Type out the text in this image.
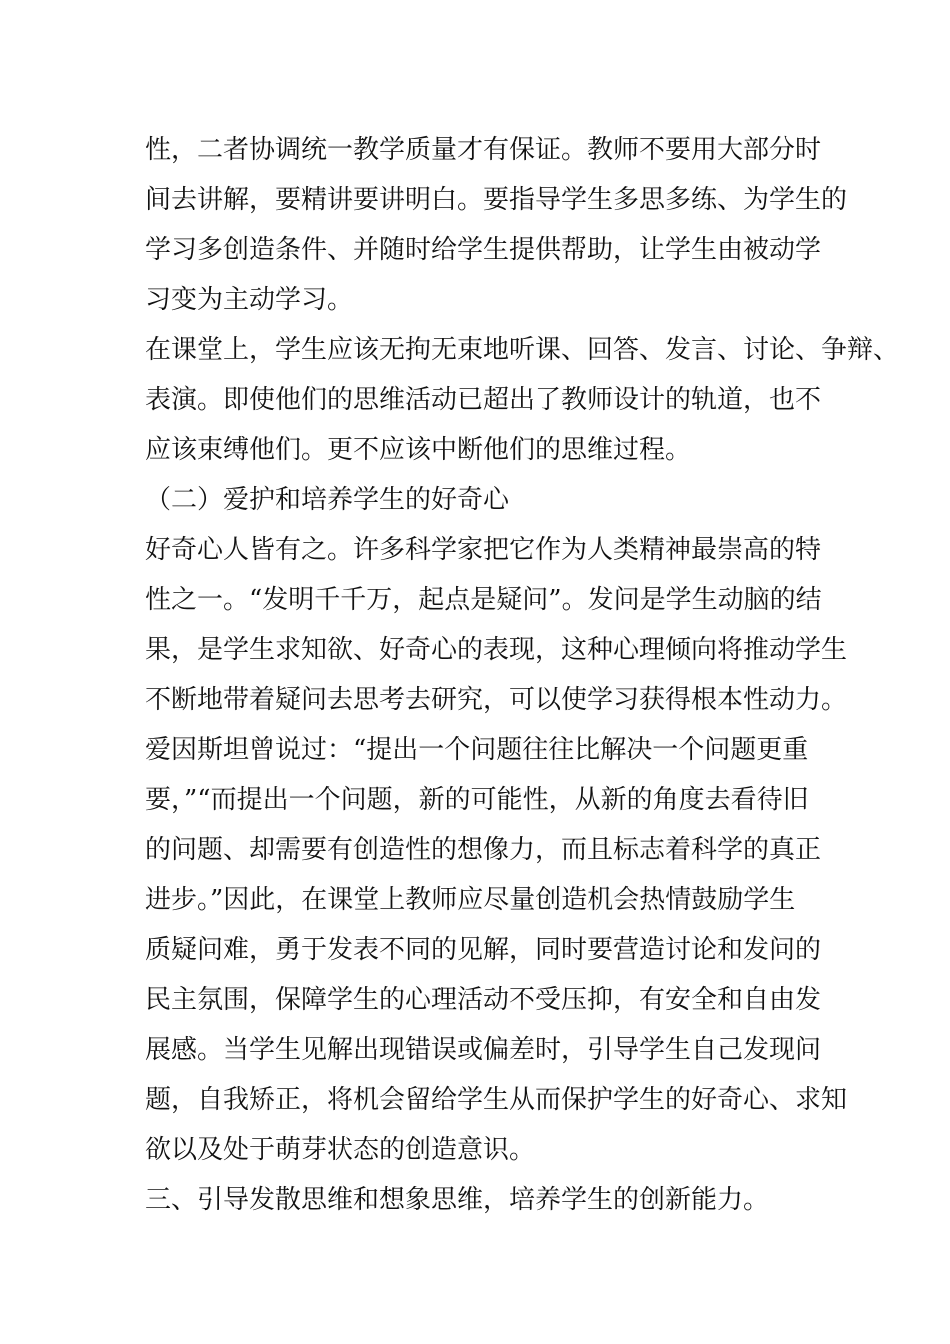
性，二者协调统一教学质量才有保证。教师不要用大部分时
间去讲解，要精讲要讲明白。要指导学生多思多练、为学生的
学习多创造条件、并随时给学生提供帮助，让学生由被动学
习变为主动学习。
在课堂上，学生应该无拘无束地听课、回答、发言、讨论、争辩、
表演。即使他们的思维活动已超出了教师设计的轨道，也不
应该束缚他们。更不应该中断他们的思维过程。
（二）爱护和培养学生的好奇心
好奇心人皆有之。许多科学家把它作为人类精神最崇高的特
性之一。“发明千千万，起点是疑问”。发问是学生动脑的结
果，是学生求知欲、好奇心的表现，这种心理倾向将推动学生
不断地带着疑问去思考去研究，可以使学习获得根本性动力。
爱因斯坦曾说过：“提出一个问题往往比解决一个问题更重
要，”“而提出一个问题，新的可能性，从新的角度去看待旧
的问题、却需要有创造性的想像力，而且标志着科学的真正
进步。”因此，在课堂上教师应尽量创造机会热情鼓励学生
质疑问难，勇于发表不同的见解，同时要营造讨论和发问的
民主氛围，保障学生的心理活动不受压抑，有安全和自由发
展感。当学生见解出现错误或偏差时，引导学生自己发现问
题，自我矫正，将机会留给学生从而保护学生的好奇心、求知
欲以及处于萌芽状态的创造意识。
三、引导发散思维和想象思维，培养学生的创新能力。
